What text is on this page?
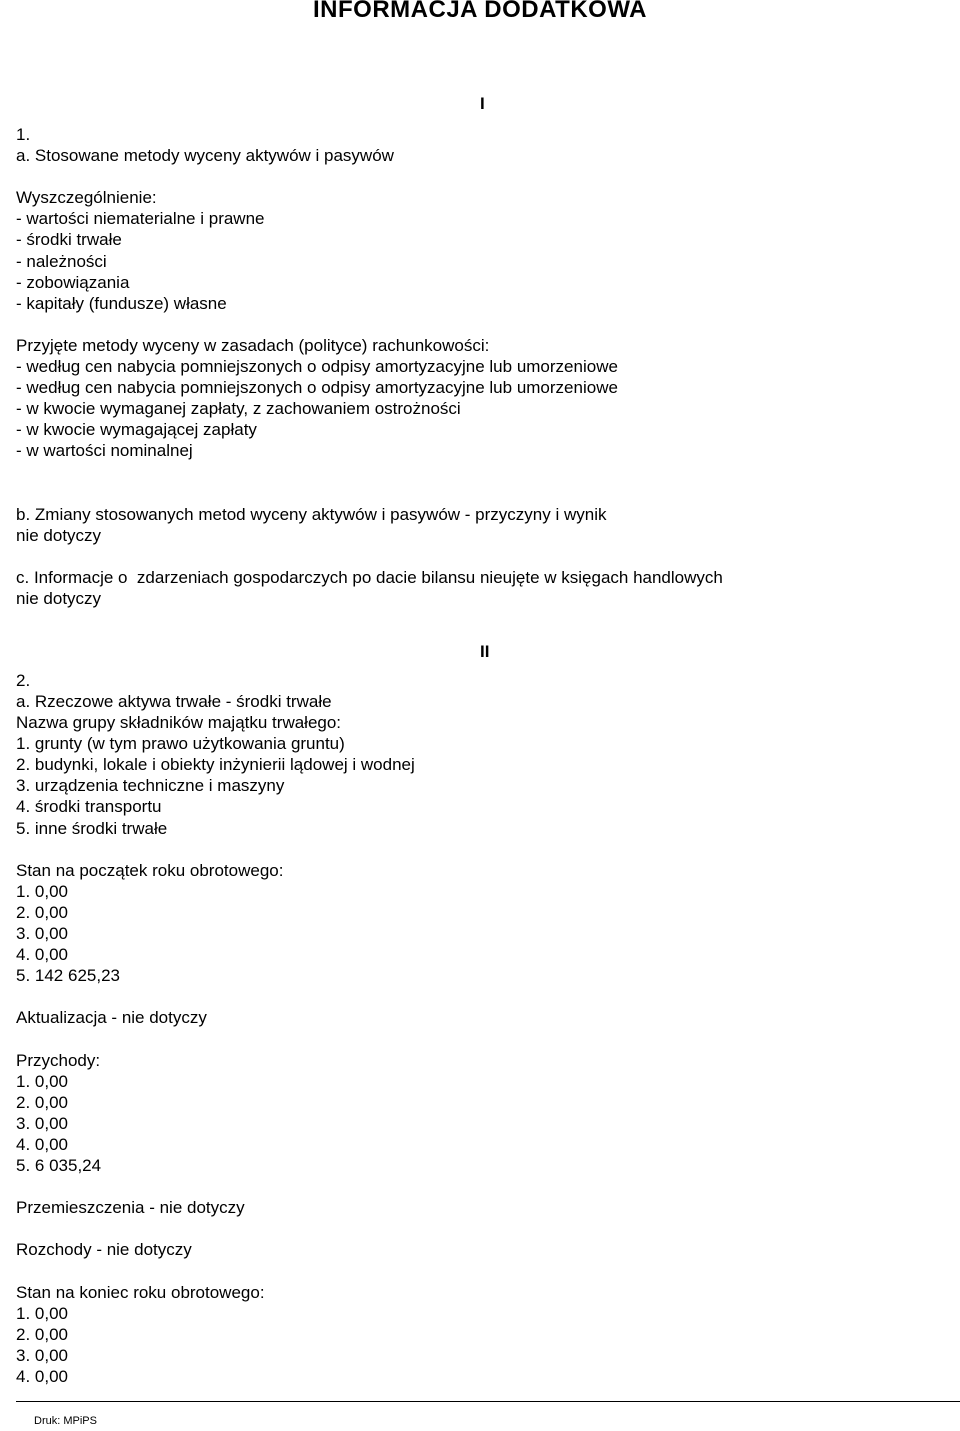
INFORMACJA DODATKOWA
I
II
1.
a. Stosowane metody wyceny aktywów i pasywów
Wyszczególnienie:
- wartości niematerialne i prawne
- środki trwałe
- należności
- zobowiązania
- kapitały (fundusze) własne
Przyjęte metody wyceny w zasadach (polityce) rachunkowości:
- według cen nabycia pomniejszonych o odpisy amortyzacyjne lub umorzeniowe
- według cen nabycia pomniejszonych o odpisy amortyzacyjne lub umorzeniowe
- w kwocie wymaganej zapłaty, z zachowaniem ostrożności
- w kwocie wymagającej zapłaty
- w wartości nominalnej
b. Zmiany stosowanych metod wyceny aktywów i pasywów - przyczyny i wynik
nie dotyczy
c. Informacje o  zdarzeniach gospodarczych po dacie bilansu nieujęte w księgach handlowych
nie dotyczy
2.
a. Rzeczowe aktywa trwałe - środki trwałe
Nazwa grupy składników majątku trwałego:
1. grunty (w tym prawo użytkowania gruntu)
2. budynki, lokale i obiekty inżynierii lądowej i wodnej
3. urządzenia techniczne i maszyny
4. środki transportu
5. inne środki trwałe
Stan na początek roku obrotowego:
1. 0,00
2. 0,00
3. 0,00
4. 0,00
5. 142 625,23
Aktualizacja - nie dotyczy
Przychody:
1. 0,00
2. 0,00
3. 0,00
4. 0,00
5. 6 035,24
Przemieszczenia - nie dotyczy
Rozchody - nie dotyczy
Stan na koniec roku obrotowego:
1. 0,00
2. 0,00
3. 0,00
4. 0,00
Druk: MPiPS
